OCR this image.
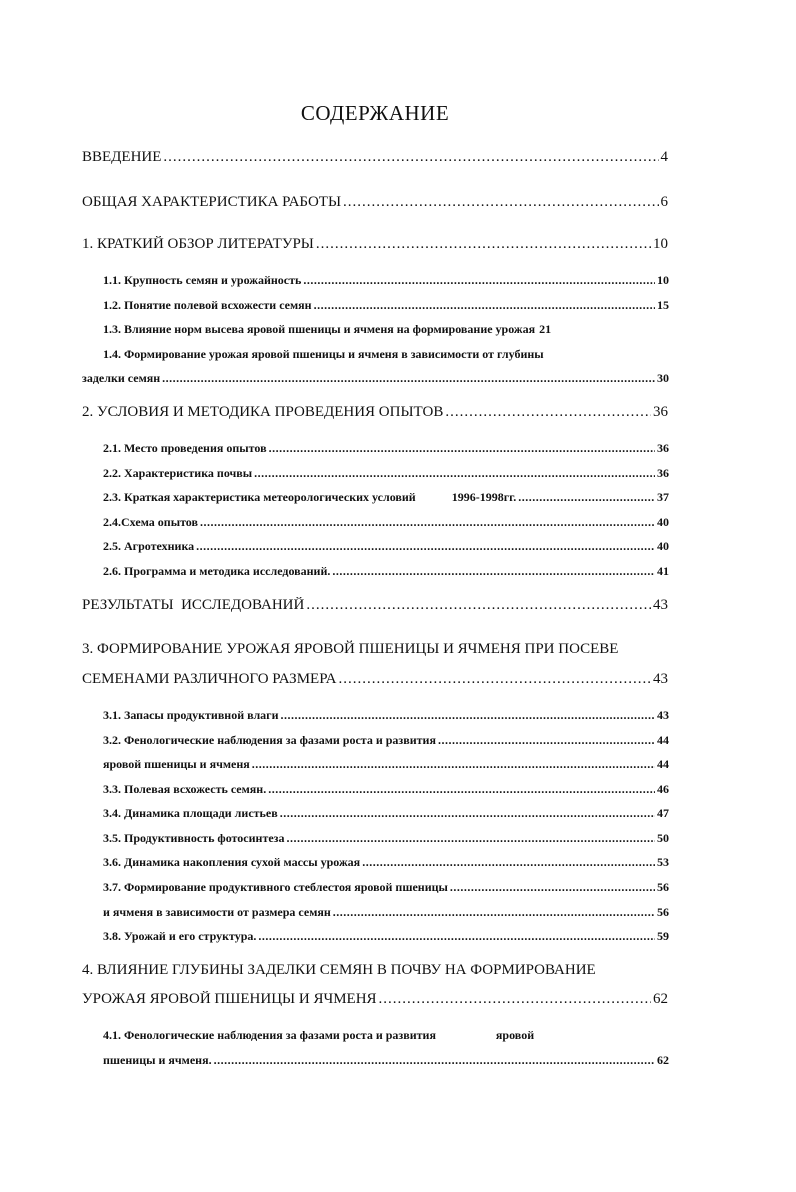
СОДЕРЖАНИЕ
ВВЕДЕНИЕ .....	4
ОБЩАЯ ХАРАКТЕРИСТИКА РАБОТЫ .....	6
1. КРАТКИЙ ОБЗОР ЛИТЕРАТУРЫ .....	10
1.1. Крупность семян и урожайность .....	10
1.2. Понятие полевой всхожести семян .....	15
1.3. Влияние норм высева яровой пшеницы и ячменя на формирование урожая 21
1.4. Формирование урожая яровой пшеницы и ячменя в зависимости от глубины
заделки семян .....	30
2. УСЛОВИЯ И МЕТОДИКА ПРОВЕДЕНИЯ ОПЫТОВ .....	36
2.1. Место проведения опытов .....	36
2.2. Характеристика почвы .....	36
2.3. Краткая характеристика метеорологических условий            1996-1998гг. .....	37
2.4.Схема опытов .....	40
2.5. Агротехника .....	40
2.6. Программа и методика исследований. .....	41
РЕЗУЛЬТАТЫ  ИССЛЕДОВАНИЙ .....	43
3. ФОРМИРОВАНИЕ УРОЖАЯ ЯРОВОЙ ПШЕНИЦЫ И ЯЧМЕНЯ ПРИ ПОСЕВЕ
СЕМЕНАМИ РАЗЛИЧНОГО РАЗМЕРА .....	43
3.1. Запасы продуктивной влаги .....	43
3.2. Фенологические наблюдения за фазами роста и развития .....	44
яровой пшеницы и ячменя .....	44
3.3. Полевая всхожесть семян. .....	46
3.4. Динамика площади листьев .....	47
3.5. Продуктивность фотосинтеза .....	50
3.6. Динамика накопления сухой массы урожая .....	53
3.7. Формирование продуктивного стеблестоя яровой пшеницы .....	56
и ячменя в зависимости от размера семян .....	56
3.8. Урожай и его структура. .....	59
4. ВЛИЯНИЕ ГЛУБИНЫ ЗАДЕЛКИ СЕМЯН В ПОЧВУ НА ФОРМИРОВАНИЕ
УРОЖАЯ ЯРОВОЙ ПШЕНИЦЫ И ЯЧМЕНЯ .....	62
4.1. Фенологические наблюдения за фазами роста и развития                    яровой
пшеницы и ячменя. .....	62
